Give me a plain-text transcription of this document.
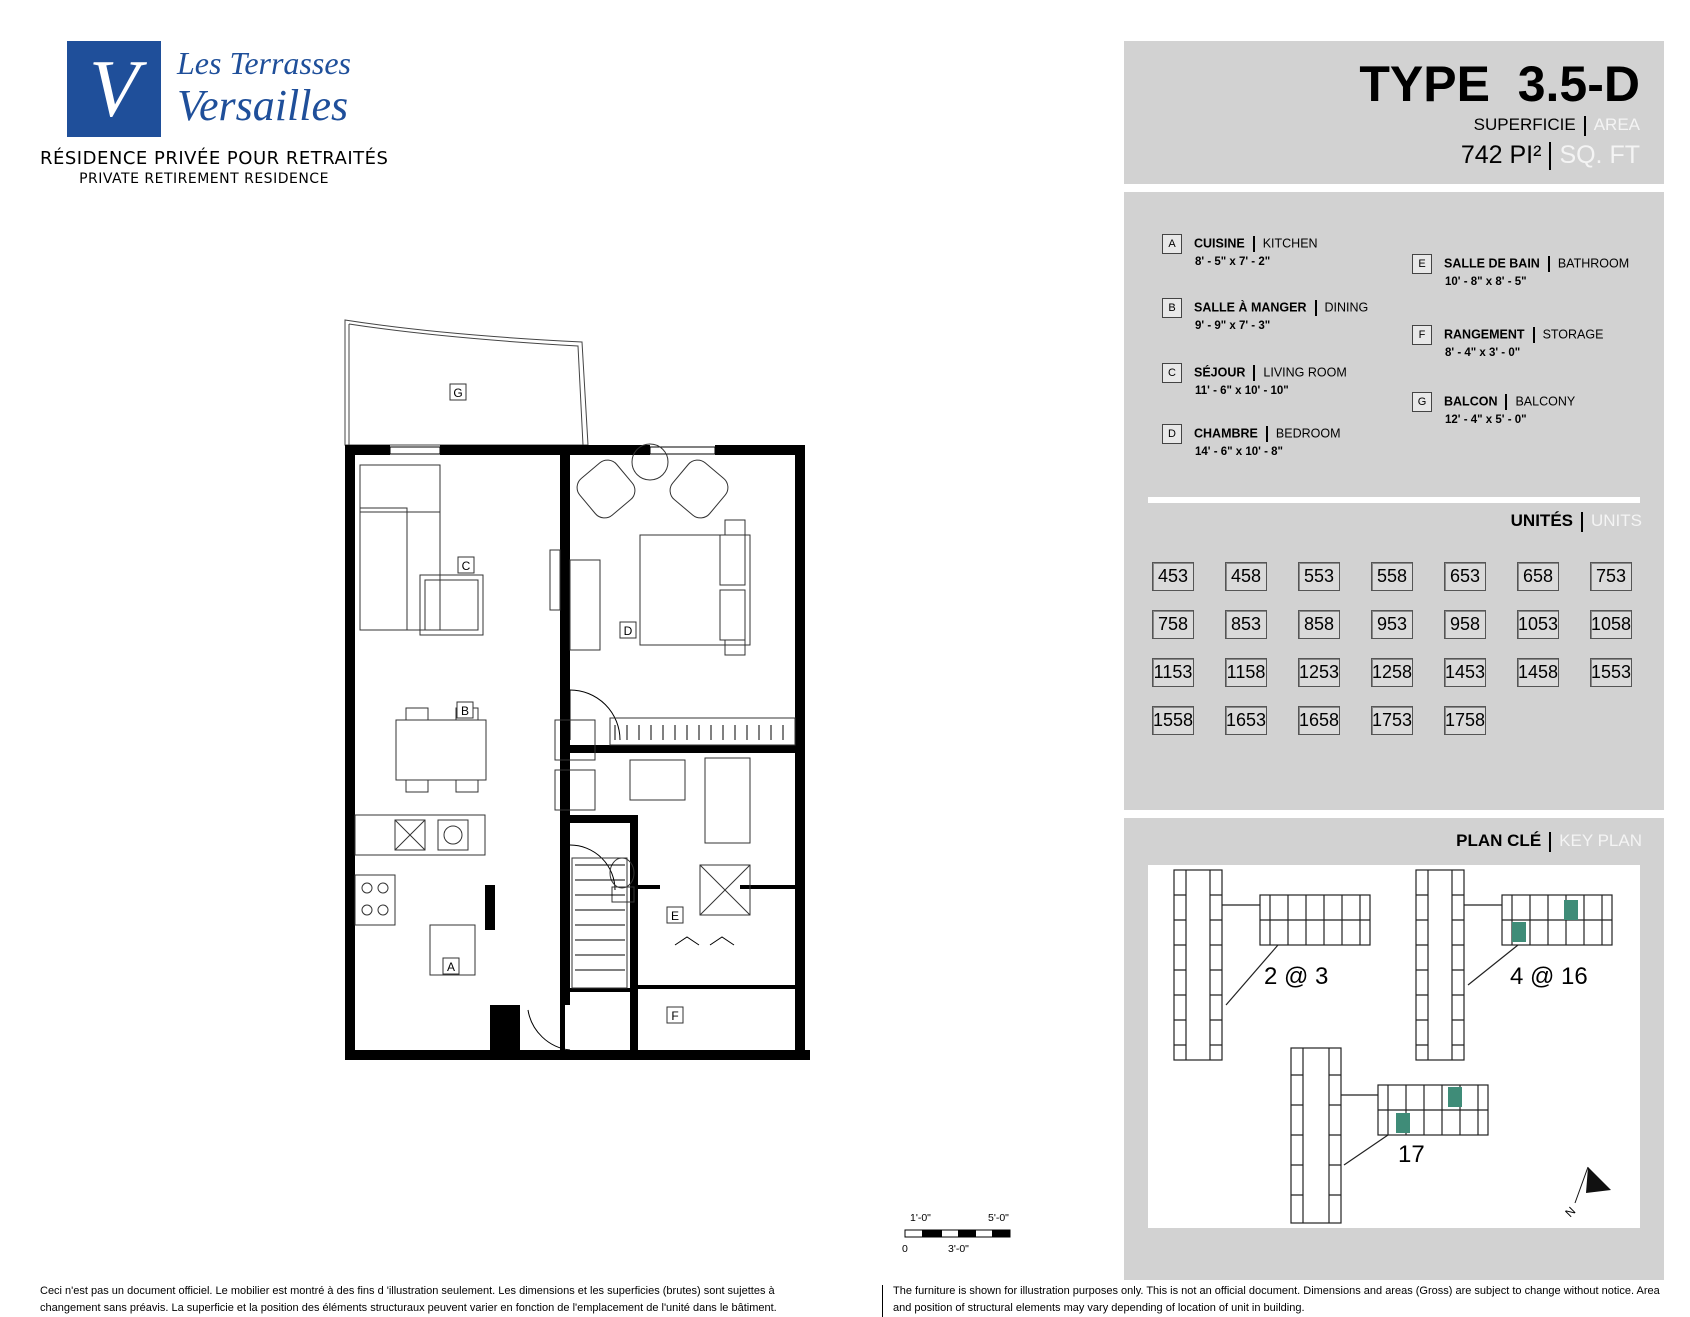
V	Les Terrasses
Versailles
RÉSIDENCE PRIVÉE POUR RETRAITÉS
PRIVATE RETIREMENT RESIDENCE
TYPE 3.5-D
SUPERFICIE AREA
742 PI² SQ. FT
A CUISINE KITCHEN
8' - 5" x 7' - 2"
B SALLE À MANGER DINING
9' - 9" x 7' - 3"
C SÉJOUR LIVING ROOM
11' - 6" x 10' - 10"
D CHAMBRE BEDROOM
14' - 6" x 10' - 8"
E SALLE DE BAIN BATHROOM
10' - 8" x 8' - 5"
F RANGEMENT STORAGE
8' - 4" x 3' - 0"
G BALCON BALCONY
12' - 4" x 5' - 0"
UNITÉS UNITS
453	458	553	558	653	658	753
758	853	858	953	958	1053 1058
1153 1158 1253 1258 1453 1458 1553
1558 1653 1658 1753 1758
PLAN CLÉ KEY PLAN
2 @ 3	4 @ 16
17
N
B
C
D
E
F
A
G
1'-0"	5'-0"
0	3'-0"
Ceci n'est pas un document officiel. Le mobilier est montré à des fins d 'illustration seulement. Les dimensions et les superficies (brutes) sont sujettes à changement sans préavis. La superficie et la position des éléments structuraux peuvent varier en fonction de l'emplacement de l'unité dans le bâtiment.
The furniture is shown for illustration purposes only. This is not an official document. Dimensions and areas (Gross) are subject to change without notice. Area and position of structural elements may vary depending of location of unit in building.
